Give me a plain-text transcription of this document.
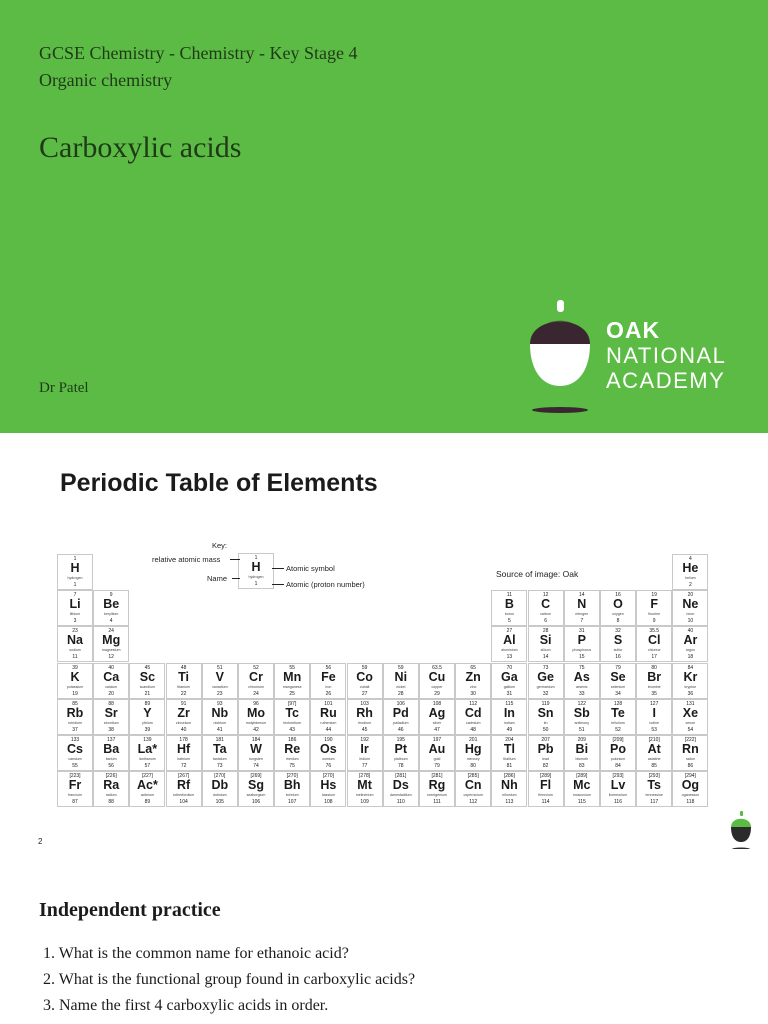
GCSE Chemistry - Chemistry - Key Stage 4
Organic chemistry
Carboxylic acids
Dr Patel
OAK
NATIONAL
ACADEMY
Periodic Table of Elements
Key:
relative atomic mass
Name
1
H
hydrogen
1
Atomic symbol
Atomic (proton number)
Source of image: Oak
1
H
hydrogen
1
4
He
helium
2
7
Li
lithium
3
9
Be
beryllium
4
11
B
boron
5
12
C
carbon
6
14
N
nitrogen
7
16
O
oxygen
8
19
F
fluorine
9
20
Ne
neon
10
23
Na
sodium
11
24
Mg
magnesium
12
27
Al
aluminium
13
28
Si
silicon
14
31
P
phosphorus
15
32
S
sulfur
16
35.5
Cl
chlorine
17
40
Ar
argon
18
39
K
potassium
19
40
Ca
calcium
20
45
Sc
scandium
21
48
Ti
titanium
22
51
V
vanadium
23
52
Cr
chromium
24
55
Mn
manganese
25
56
Fe
iron
26
59
Co
cobalt
27
59
Ni
nickel
28
63.5
Cu
copper
29
65
Zn
zinc
30
70
Ga
gallium
31
73
Ge
germanium
32
75
As
arsenic
33
79
Se
selenium
34
80
Br
bromine
35
84
Kr
krypton
36
85
Rb
rubidium
37
88
Sr
strontium
38
89
Y
yttrium
39
91
Zr
zirconium
40
93
Nb
niobium
41
96
Mo
molybdenum
42
[97]
Tc
technetium
43
101
Ru
ruthenium
44
103
Rh
rhodium
45
106
Pd
palladium
46
108
Ag
silver
47
112
Cd
cadmium
48
115
In
indium
49
119
Sn
tin
50
122
Sb
antimony
51
128
Te
tellurium
52
127
I
iodine
53
131
Xe
xenon
54
133
Cs
caesium
55
137
Ba
barium
56
139
La*
lanthanum
57
178
Hf
hafnium
72
181
Ta
tantalum
73
184
W
tungsten
74
186
Re
rhenium
75
190
Os
osmium
76
192
Ir
iridium
77
195
Pt
platinum
78
197
Au
gold
79
201
Hg
mercury
80
204
Tl
thallium
81
207
Pb
lead
82
209
Bi
bismuth
83
[209]
Po
polonium
84
[210]
At
astatine
85
[222]
Rn
radon
86
[223]
Fr
francium
87
[226]
Ra
radium
88
[227]
Ac*
actinium
89
[267]
Rf
rutherfordium
104
[270]
Db
dubnium
105
[269]
Sg
seaborgium
106
[270]
Bh
bohrium
107
[270]
Hs
hassium
108
[278]
Mt
meitnerium
109
[281]
Ds
darmstadtium
110
[281]
Rg
roentgenium
111
[285]
Cn
copernicium
112
[286]
Nh
nihonium
113
[289]
Fl
flerovium
114
[289]
Mc
moscovium
115
[293]
Lv
livermorium
116
[293]
Ts
tennessine
117
[294]
Og
oganesson
118
2
Independent practice
1. What is the common name for ethanoic acid?
2. What is the functional group found in carboxylic acids?
3. Name the first 4 carboxylic acids in order.
